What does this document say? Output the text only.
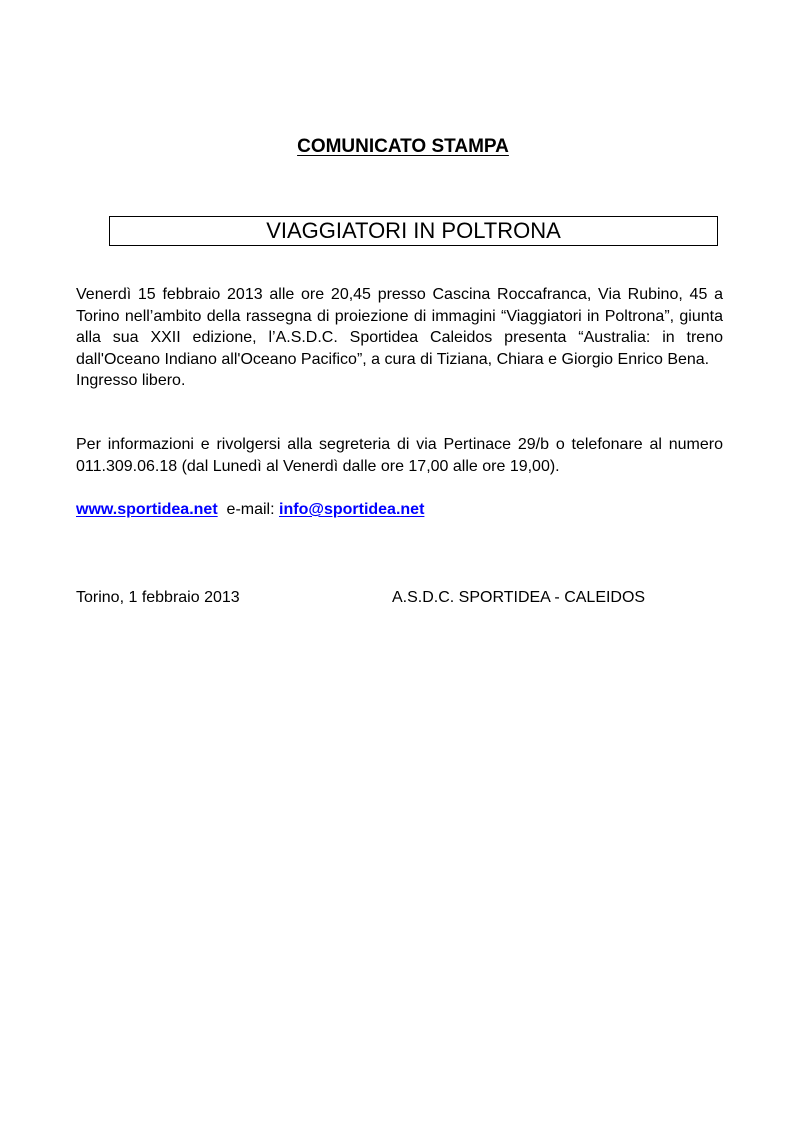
COMUNICATO STAMPA
VIAGGIATORI IN POLTRONA
Venerdì 15 febbraio 2013 alle ore 20,45 presso Cascina Roccafranca, Via Rubino, 45 a Torino nell’ambito della rassegna di proiezione di immagini “Viaggiatori in Poltrona”, giunta alla sua XXII edizione, l’A.S.D.C. Sportidea Caleidos presenta “Australia: in treno dall'Oceano Indiano all'Oceano Pacifico”, a cura di Tiziana, Chiara e Giorgio Enrico Bena.
Ingresso libero.
Per informazioni e rivolgersi alla segreteria di via Pertinace 29/b o telefonare al numero 011.309.06.18 (dal Lunedì al Venerdì dalle ore 17,00 alle ore 19,00).
www.sportidea.net e-mail: info@sportidea.net
Torino, 1 febbraio 2013	A.S.D.C. SPORTIDEA - CALEIDOS
